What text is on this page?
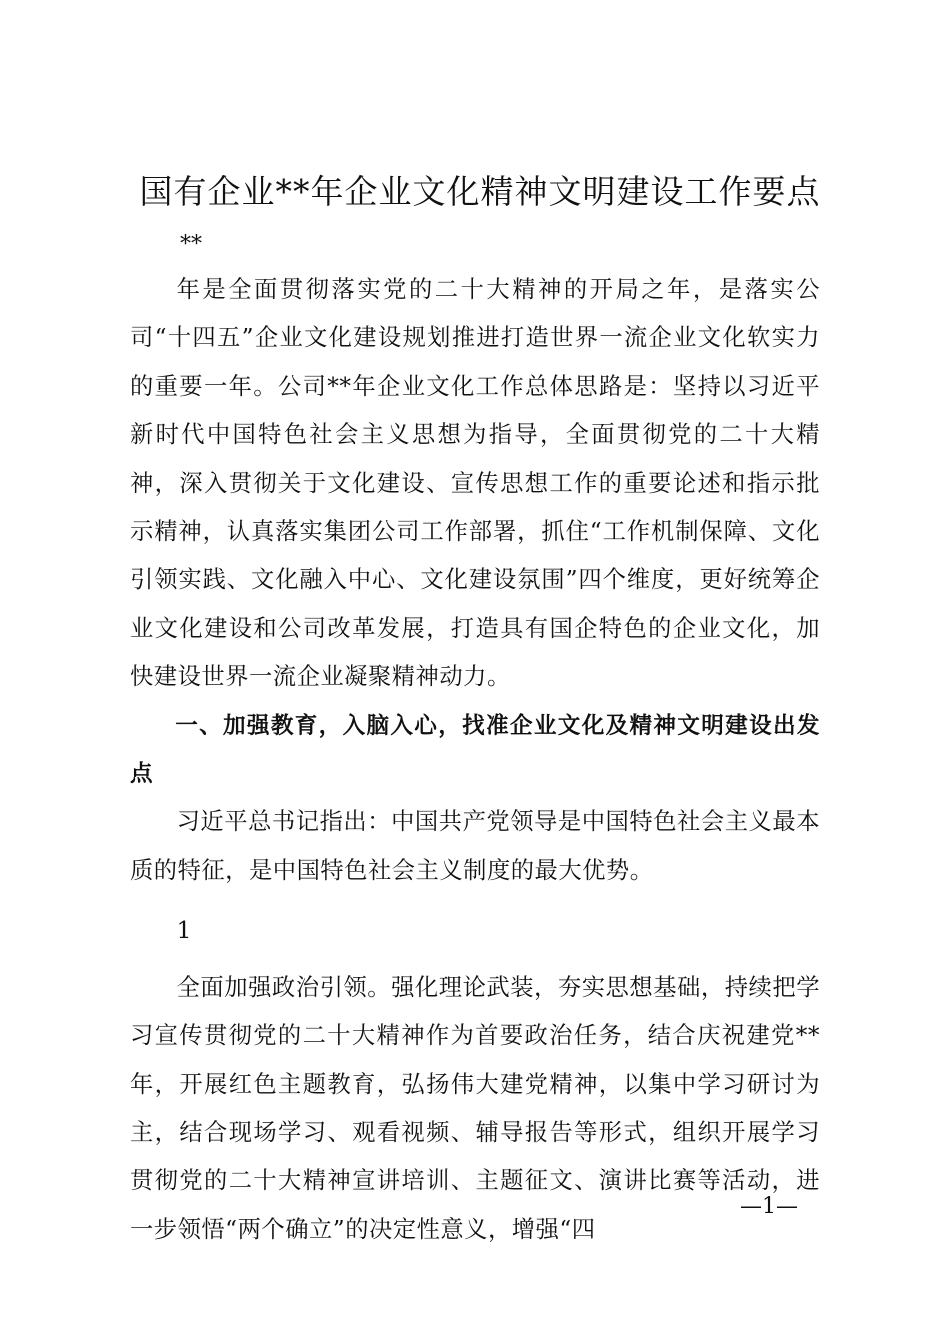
国有企业**年企业文化精神文明建设工作要点
**

年是全面贯彻落实党的二十大精神的开局之年，是落实公司“十四五”企业文化建设规划推进打造世界一流企业文化软实力的重要一年。公司**年企业文化工作总体思路是：坚持以习近平新时代中国特色社会主义思想为指导，全面贯彻党的二十大精神，深入贯彻关于文化建设、宣传思想工作的重要论述和指示批示精神，认真落实集团公司工作部署，抓住“工作机制保障、文化引领实践、文化融入中心、文化建设氛围”四个维度，更好统筹企业文化建设和公司改革发展，打造具有国企特色的企业文化，加快建设世界一流企业凝聚精神动力。

一、加强教育，入脑入心，找准企业文化及精神文明建设出发点

习近平总书记指出：中国共产党领导是中国特色社会主义最本质的特征，是中国特色社会主义制度的最大优势。

1

全面加强政治引领。强化理论武装，夯实思想基础，持续把学习宣传贯彻党的二十大精神作为首要政治任务，结合庆祝建党**年，开展红色主题教育，弘扬伟大建党精神，以集中学习研讨为主，结合现场学习、观看视频、辅导报告等形式，组织开展学习贯彻党的二十大精神宣讲培训、主题征文、演讲比赛等活动，进一步领悟“两个确立”的决定性意义，增强“四

—1—
